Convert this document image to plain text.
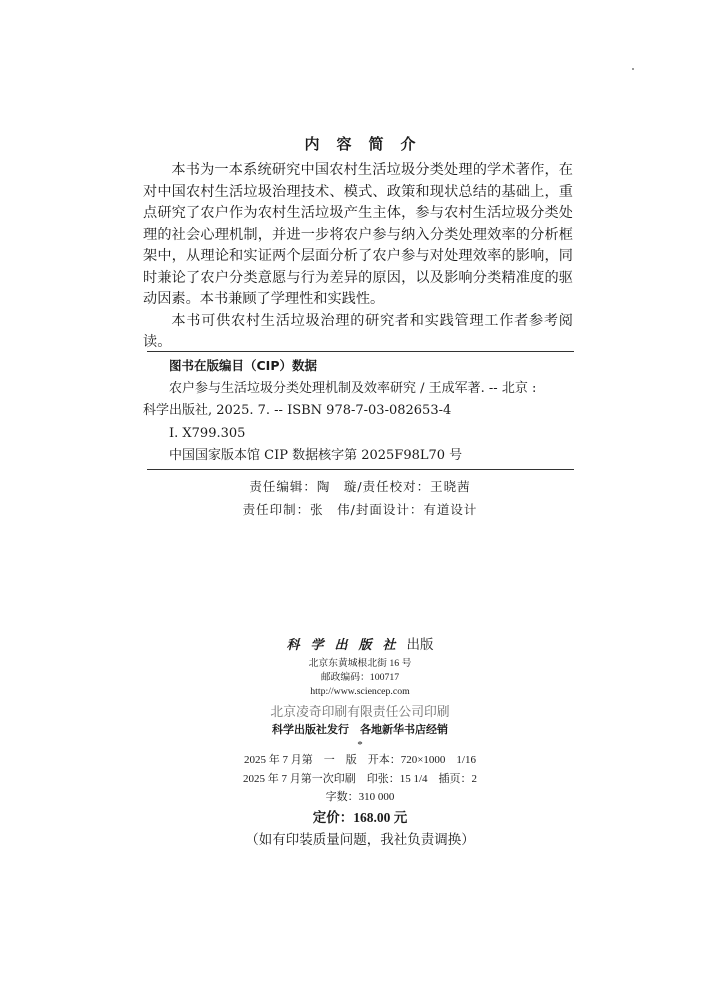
内容简介

本书为一本系统研究中国农村生活垃圾分类处理的学术著作，在对中国农村生活垃圾治理技术、模式、政策和现状总结的基础上，重点研究了农户作为农村生活垃圾产生主体，参与农村生活垃圾分类处理的社会心理机制，并进一步将农户参与纳入分类处理效率的分析框架中，从理论和实证两个层面分析了农户参与对处理效率的影响，同时兼论了农户分类意愿与行为差异的原因，以及影响分类精准度的驱动因素。本书兼顾了学理性和实践性。

本书可供农村生活垃圾治理的研究者和实践管理工作者参考阅读。

图书在版编目（CIP）数据
农户参与生活垃圾分类处理机制及效率研究 / 王成军著. -- 北京 :
科学出版社, 2025. 7. -- ISBN 978-7-03-082653-4
Ⅰ. X799.305
中国国家版本馆 CIP 数据核字第 2025F98L70 号
责任编辑：陶　璇/责任校对：王晓茜
责任印制：张　伟/封面设计：有道设计
科学出版社出版
北京东黄城根北街 16 号
邮政编码：100717
http://www.sciencep.com
北京凌奇印刷有限责任公司印刷
科学出版社发行　各地新华书店经销
*
2025 年 7 月第　一　版　开本：720×1000　1/16
2025 年 7 月第一次印刷　印张：15 1/4　插页：2
字数：310 000
定价：168.00 元
（如有印装质量问题，我社负责调换）
